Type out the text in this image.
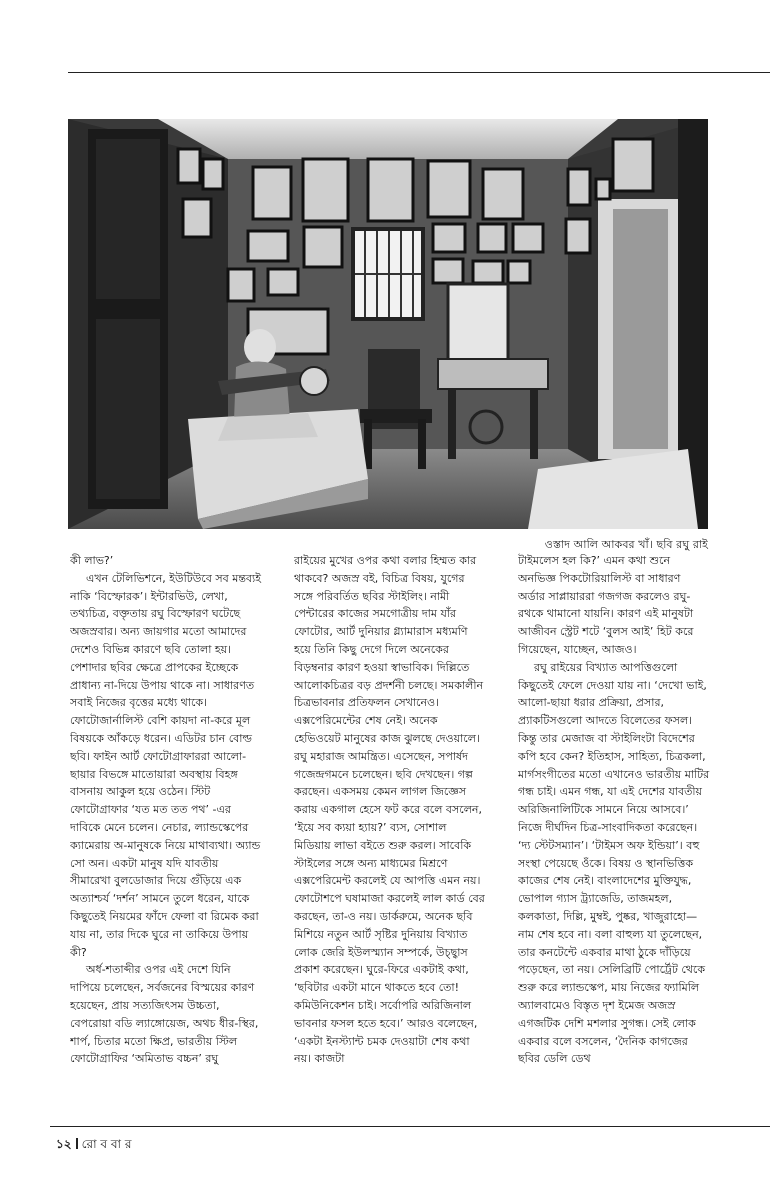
ওস্তাদ আলি আকবর খাঁ। ছবি রঘু রাই

কী লাভ?’

এখন টেলিভিশনে, ইউটিউবে সব মন্তব্যই নাকি ‘বিস্ফোরক’। ইন্টারভিউ, লেখা, তথ্যচিত্র, বক্তৃতায় রঘু বিস্ফোরণ ঘটেছে অজস্রবার। অন্য জায়গার মতো আমাদের দেশেও বিভিন্ন কারণে ছবি তোলা হয়। পেশাদার ছবির ক্ষেত্রে প্রাপকের ইচ্ছেকে প্রাধান্য না-দিয়ে উপায় থাকে না। সাধারণত সবাই নিজের বৃত্তের মধ্যে থাকে। ফোটোজার্নালিস্ট বেশি কায়দা না-করে মূল বিষয়কে আঁকড়ে ধরেন। এডিটর চান বোল্ড ছবি। ফাইন আর্ট ফোটোগ্রাফাররা আলো-ছায়ার বিভঙ্গে মাতোয়ারা অবস্থায় বিহঙ্গ বাসনায় আকুল হয়ে ওঠেন। স্টিট ফোটোগ্রাফার ‘যত মত তত পথ’ -এর দাবিকে মেনে চলেন। নেচার, ল্যান্ডস্কেপের ক্যামেরায় অ-মানুষকে নিয়ে মাথাব্যথা। অ্যান্ড সো অন। একটা মানুষ যদি যাবতীয় সীমারেখা বুলডোজার দিয়ে গুঁড়িয়ে এক অত্যাশ্চর্য ‘দর্শন’ সামনে তুলে ধরেন, যাকে কিছুতেই নিয়মের ফাঁদে ফেলা বা রিমেক করা যায় না, তার দিকে ঘুরে না তাকিয়ে উপায় কী?

অর্ধ-শতাব্দীর ওপর এই দেশে যিনি দাপিয়ে চলেছেন, সর্বজনের বিস্ময়ের কারণ হয়েছেন, প্রায় সত্যজিৎসম উচ্চতা, বেপরোয়া বডি ল্যাঙ্গোয়েজ, অথচ ধীর-স্থির, শার্প, চিতার মতো ক্ষিপ্র, ভারতীয় স্টিল ফোটোগ্রাফির ‘অমিতাভ বচ্চন’ রঘু

রাইয়ের মুখের ওপর কথা বলার হিম্মত কার থাকবে? অজস্র বই, বিচিত্র বিষয়, যুগের সঙ্গে পরিবর্তিত ছবির স্টাইলিং। নামী পেন্টারের কাজের সমগোত্রীয় দাম যাঁর ফোটোর, আর্ট দুনিয়ার গ্ল্যামারাস মধ্যমণি হয়ে তিনি কিছু দেগে দিলে অনেকের বিড়ম্বনার কারণ হওয়া স্বাভাবিক। দিল্লিতে আলোকচিত্রর বড় প্রদর্শনী চলছে। সমকালীন চিত্রভাবনার প্রতিফলন সেখানেও। এক্সপেরিমেন্টের শেষ নেই। অনেক হেভিওয়েট মানুষের কাজ ঝুলছে দেওয়ালে। রঘু মহারাজ আমন্ত্রিত। এসেছেন, সপার্ষদ গজেন্দ্রগমনে চলেছেন। ছবি দেখছেন। গল্প করছেন। একসময় কেমন লাগল জিজ্ঞেস করায় একগাল হেসে ফট করে বলে বসলেন, ‘ইয়ে সব ক্যয়া হ্যায়?’ ব্যস, সোশাল মিডিয়ায় লাভা বইতে শুরু করল। সাবেকি স্টাইলের সঙ্গে অন্য মাধ্যমের মিশ্রণে এক্সপেরিমেন্ট করলেই যে আপত্তি এমন নয়। ফোটোশপে ঘষামাজা করলেই লাল কার্ড বের করছেন, তা-ও নয়। ডার্করুমে, অনেক ছবি মিশিয়ে নতুন আর্ট সৃষ্টির দুনিয়ায় বিখ্যাত লোক জেরি ইউলস্ম্যান সম্পর্কে, উচ্ছ্বাস প্রকাশ করেছেন। ঘুরে-ফিরে একটাই কথা, ‘ছবিটার একটা মানে থাকতে হবে তো! কমিউনিকেশন চাই। সর্বোপরি অরিজিনাল ভাবনার ফসল হতে হবে।’ আরও বলেছেন, ‘একটা ইনস্ট্যান্ট চমক দেওয়াটা শেষ কথা নয়। কাজটা

টাইমলেস হল কি?’ এমন কথা শুনে অনভিজ্ঞ পিকটোরিয়ালিস্ট বা সাধারণ অর্ডার সাপ্লায়াররা গজগজ করলেও রঘু-রথকে থামানো যায়নি। কারণ এই মানুষটা আজীবন স্ট্রেট শটে ‘বুলস আই’ হিট করে গিয়েছেন, যাচ্ছেন, আজও।

রঘু রাইয়ের বিখ্যাত আপত্তিগুলো কিছুতেই ফেলে দেওয়া যায় না। ‘দেখো ভাই, আলো-ছায়া ধরার প্রক্রিয়া, প্রসার, প্র্যাকটিসগুলো আদতে বিলেতের ফসল। কিন্তু তার মেজাজ বা স্টাইলিংটা বিদেশের কপি হবে কেন? ইতিহাস, সাহিত্য, চিত্রকলা, মার্গসংগীতের মতো এখানেও ভারতীয় মাটির গন্ধ চাই। এমন গন্ধ, যা এই দেশের যাবতীয় অরিজিনালিটিকে সামনে নিয়ে আসবে।’ নিজে দীর্ঘদিন চিত্র-সাংবাদিকতা করেছেন। ‘দ্য স্টেটসম্যান’। ‘টাইমস অফ ইন্ডিয়া’। বহু সংস্থা পেয়েছে ওঁকে। বিষয় ও স্থানভিত্তিক কাজের শেষ নেই। বাংলাদেশের মুক্তিযুদ্ধ, ভোপাল গ্যাস ট্র্যাজেডি, তাজমহল, কলকাতা, দিল্লি, মুম্বই, পুষ্কর, খাজুরাহো— নাম শেষ হবে না। বলা বাহুল্য যা তুলেছেন, তার কনটেন্টে একবার মাথা ঠুকে দাঁড়িয়ে পড়েছেন, তা নয়। সেলিব্রিটি পোর্ট্রেট থেকে শুরু করে ল্যান্ডস্কেপ, মায় নিজের ফ্যামিলি অ্যালবামেও বিস্তৃত দৃশ ইমেজ অজস্র এগজটিক দেশি মশলার সুগন্ধ। সেই লোক একবার বলে বসলেন, ‘দৈনিক কাগজের ছবির ডেলি ডেথ

১২ রো ব বা র
